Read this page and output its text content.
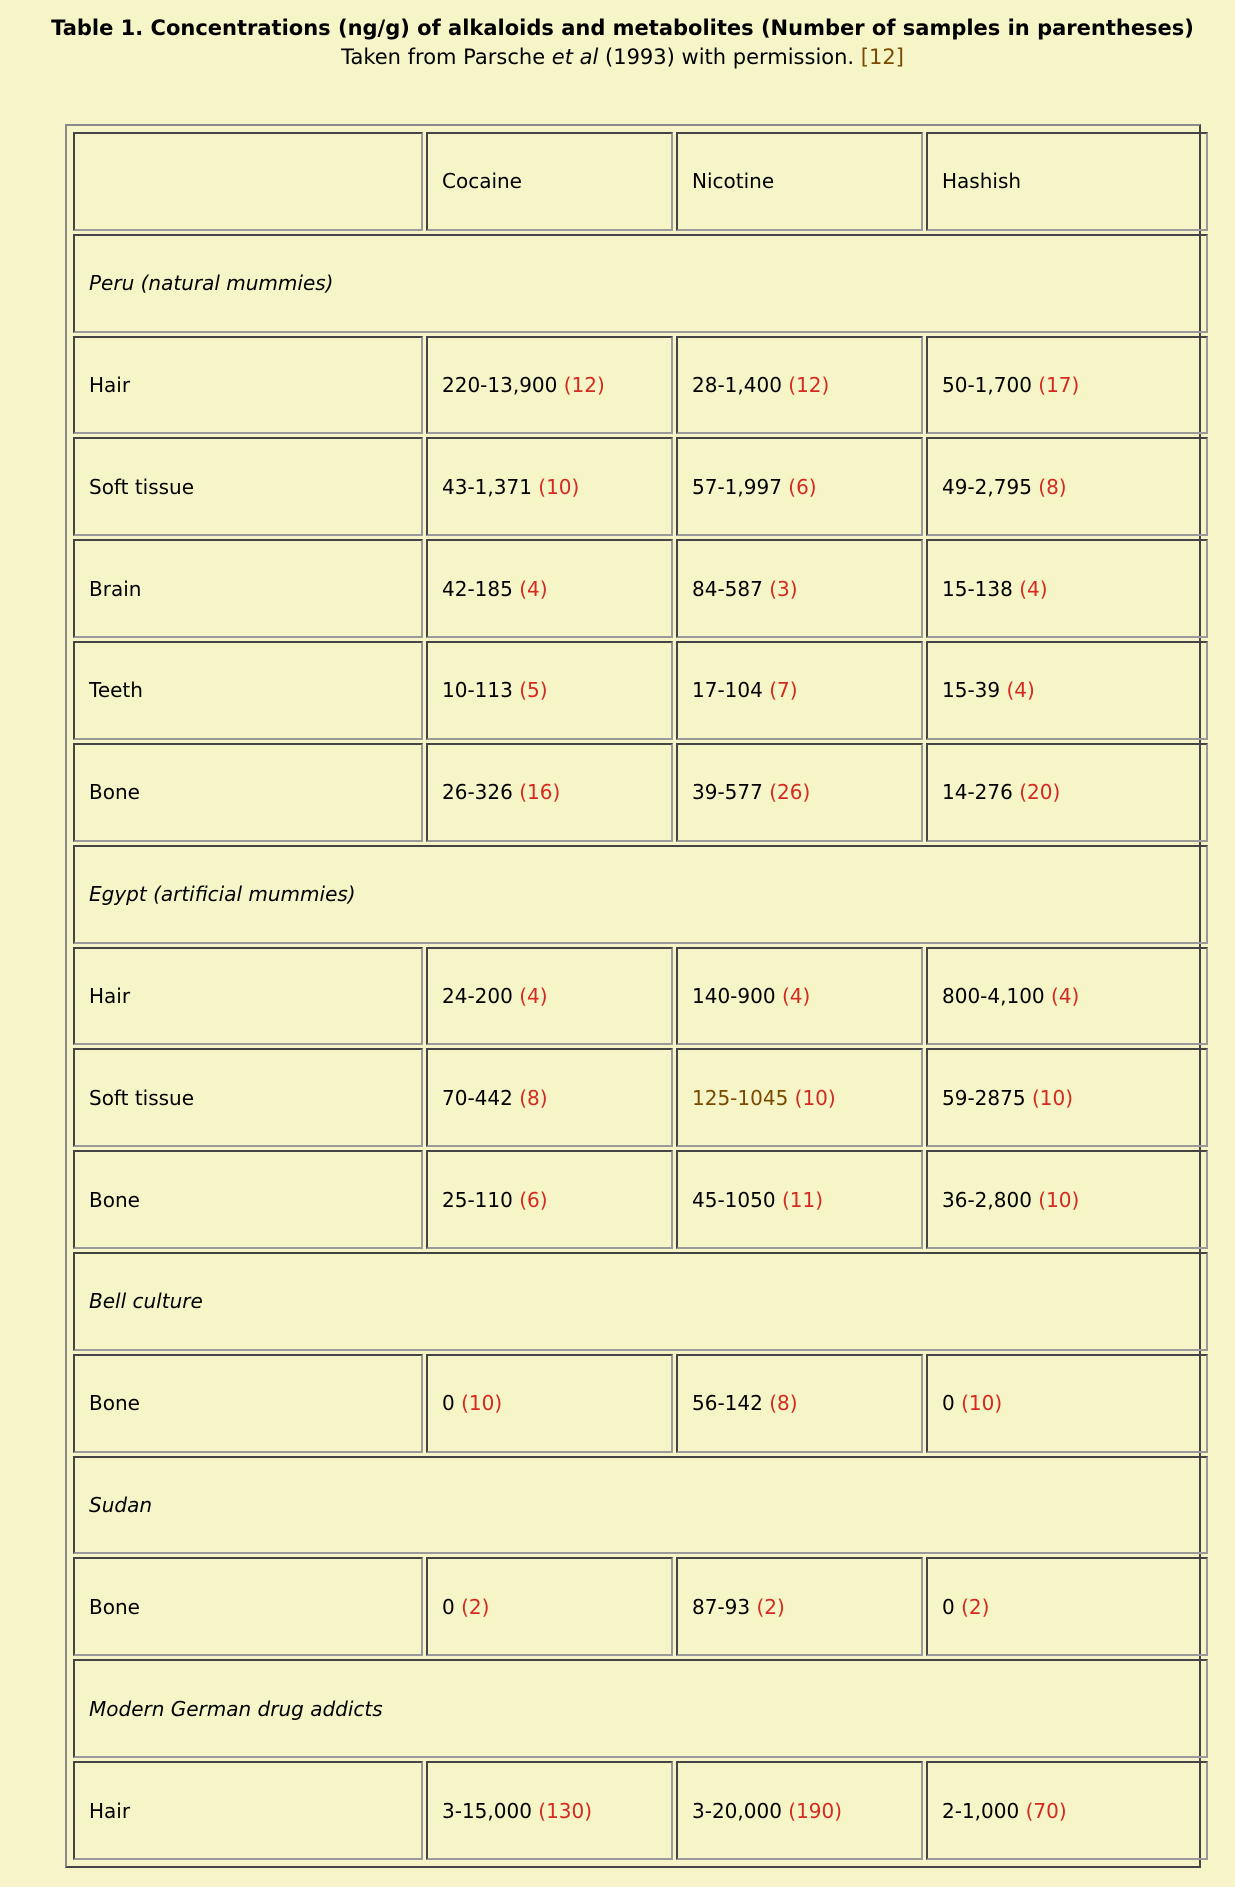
Table 1. Concentrations (ng/g) of alkaloids and metabolites (Number of samples in parentheses)
Taken from Parsche et al (1993) with permission. [12]
	Cocaine	Nicotine	Hashish
Peru (natural mummies)			
Hair	220-13,900 (12)	28-1,400 (12)	50-1,700 (17)
Soft tissue	43-1,371 (10)	57-1,997 (6)	49-2,795 (8)
Brain	42-185 (4)	84-587 (3)	15-138 (4)
Teeth	10-113 (5)	17-104 (7)	15-39 (4)
Bone	26-326 (16)	39-577 (26)	14-276 (20)
Egypt (artificial mummies)			
Hair	24-200 (4)	140-900 (4)	800-4,100 (4)
Soft tissue	70-442 (8)	125-1045 (10)	59-2875 (10)
Bone	25-110 (6)	45-1050 (11)	36-2,800 (10)
Bell culture			
Bone	0 (10)	56-142 (8)	0 (10)
Sudan			
Bone	0 (2)	87-93 (2)	0 (2)
Modern German drug addicts			
Hair	3-15,000 (130)	3-20,000 (190)	2-1,000 (70)
